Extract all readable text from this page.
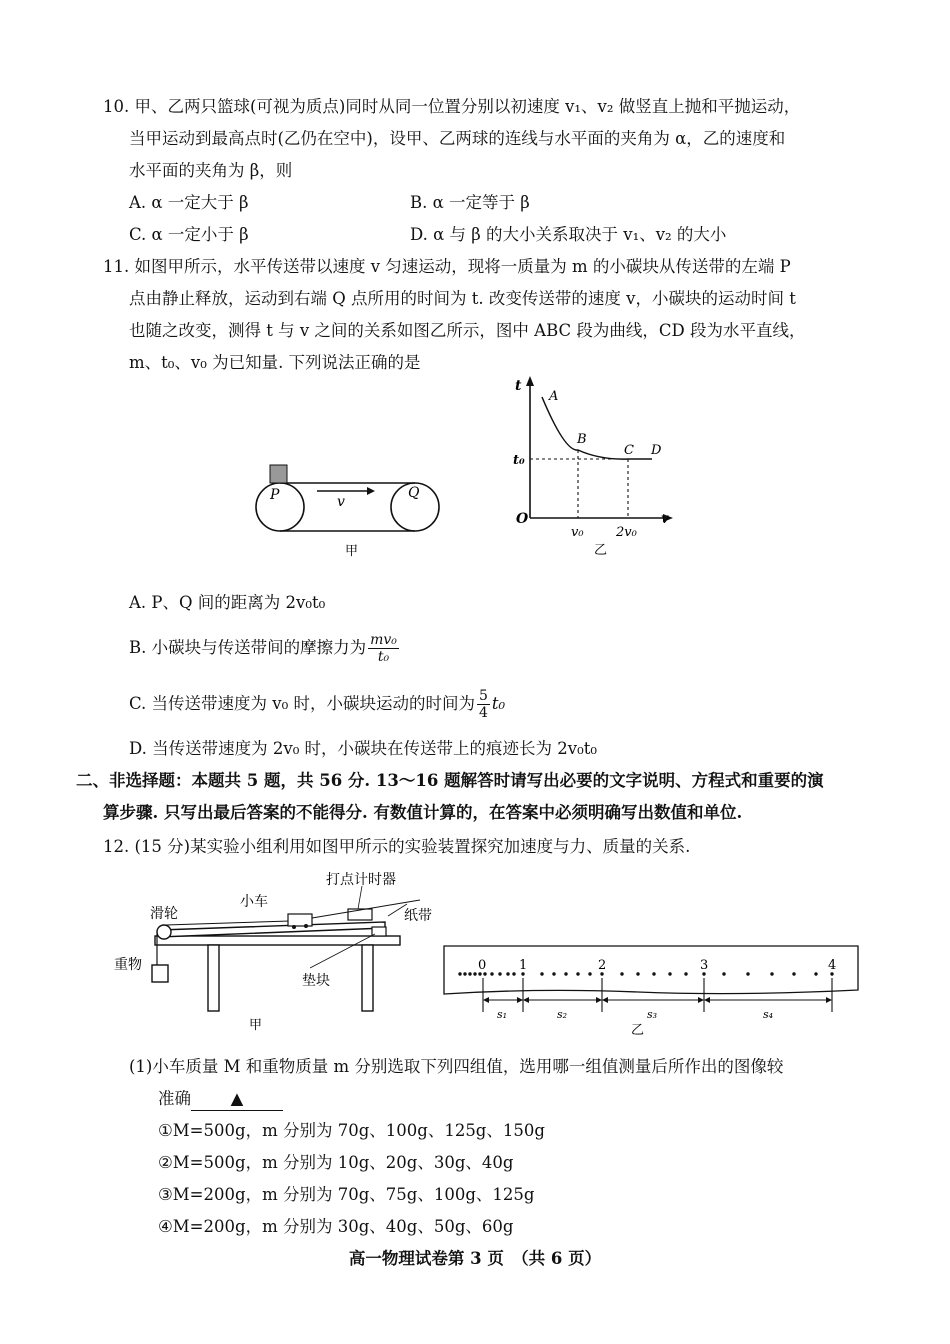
10. 甲、乙两只篮球(可视为质点)同时从同一位置分别以初速度 v₁、v₂ 做竖直上抛和平抛运动，
当甲运动到最高点时(乙仍在空中)，设甲、乙两球的连线与水平面的夹角为 α，乙的速度和
水平面的夹角为 β，则
A. α 一定大于 β	B. α 一定等于 β
C. α 一定小于 β	D. α 与 β 的大小关系取决于 v₁、v₂ 的大小
11. 如图甲所示，水平传送带以速度 v 匀速运动，现将一质量为 m 的小碳块从传送带的左端 P
点由静止释放，运动到右端 Q 点所用的时间为 t. 改变传送带的速度 v，小碳块的运动时间 t
也随之改变，测得 t 与 v 之间的关系如图乙所示，图中 ABC 段为曲线，CD 段为水平直线，
m、t₀、v₀ 为已知量. 下列说法正确的是
P	Q
v
甲
t
v
O
A
B
C D
t₀
v₀ 2v₀
乙
A. P、Q 间的距离为 2v₀t₀
B. 小碳块与传送带间的摩擦力为 $\frac{\text{mv₀}}{\text{t₀}}$
C. 当传送带速度为 v₀ 时，小碳块运动的时间为 $\frac{5}{4} t_0$
D. 当传送带速度为 2v₀ 时，小碳块在传送带上的痕迹长为 2v₀t₀
二、非选择题：本题共 5 题，共 56 分. 13～16 题解答时请写出必要的文字说明、方程式和重要的演
算步骤. 只写出最后答案的不能得分. 有数值计算的，在答案中必须明确写出数值和单位.
12. (15 分)某实验小组利用如图甲所示的实验装置探究加速度与力、质量的关系.
滑轮
小车
打点计时器
纸带
重物
垫块
甲
0	1	2	3	4
s₁	s₂	s₃	s₄
乙
(1)小车质量 M 和重物质量 m 分别选取下列四组值，选用哪一组值测量后所作出的图像较
准确 ▲
①M=500g，m 分别为 70g、100g、125g、150g
②M=500g，m 分别为 10g、20g、30g、40g
③M=200g，m 分别为 70g、75g、100g、125g
④M=200g，m 分别为 30g、40g、50g、60g
高一物理试卷第 3 页　（共 6 页）
